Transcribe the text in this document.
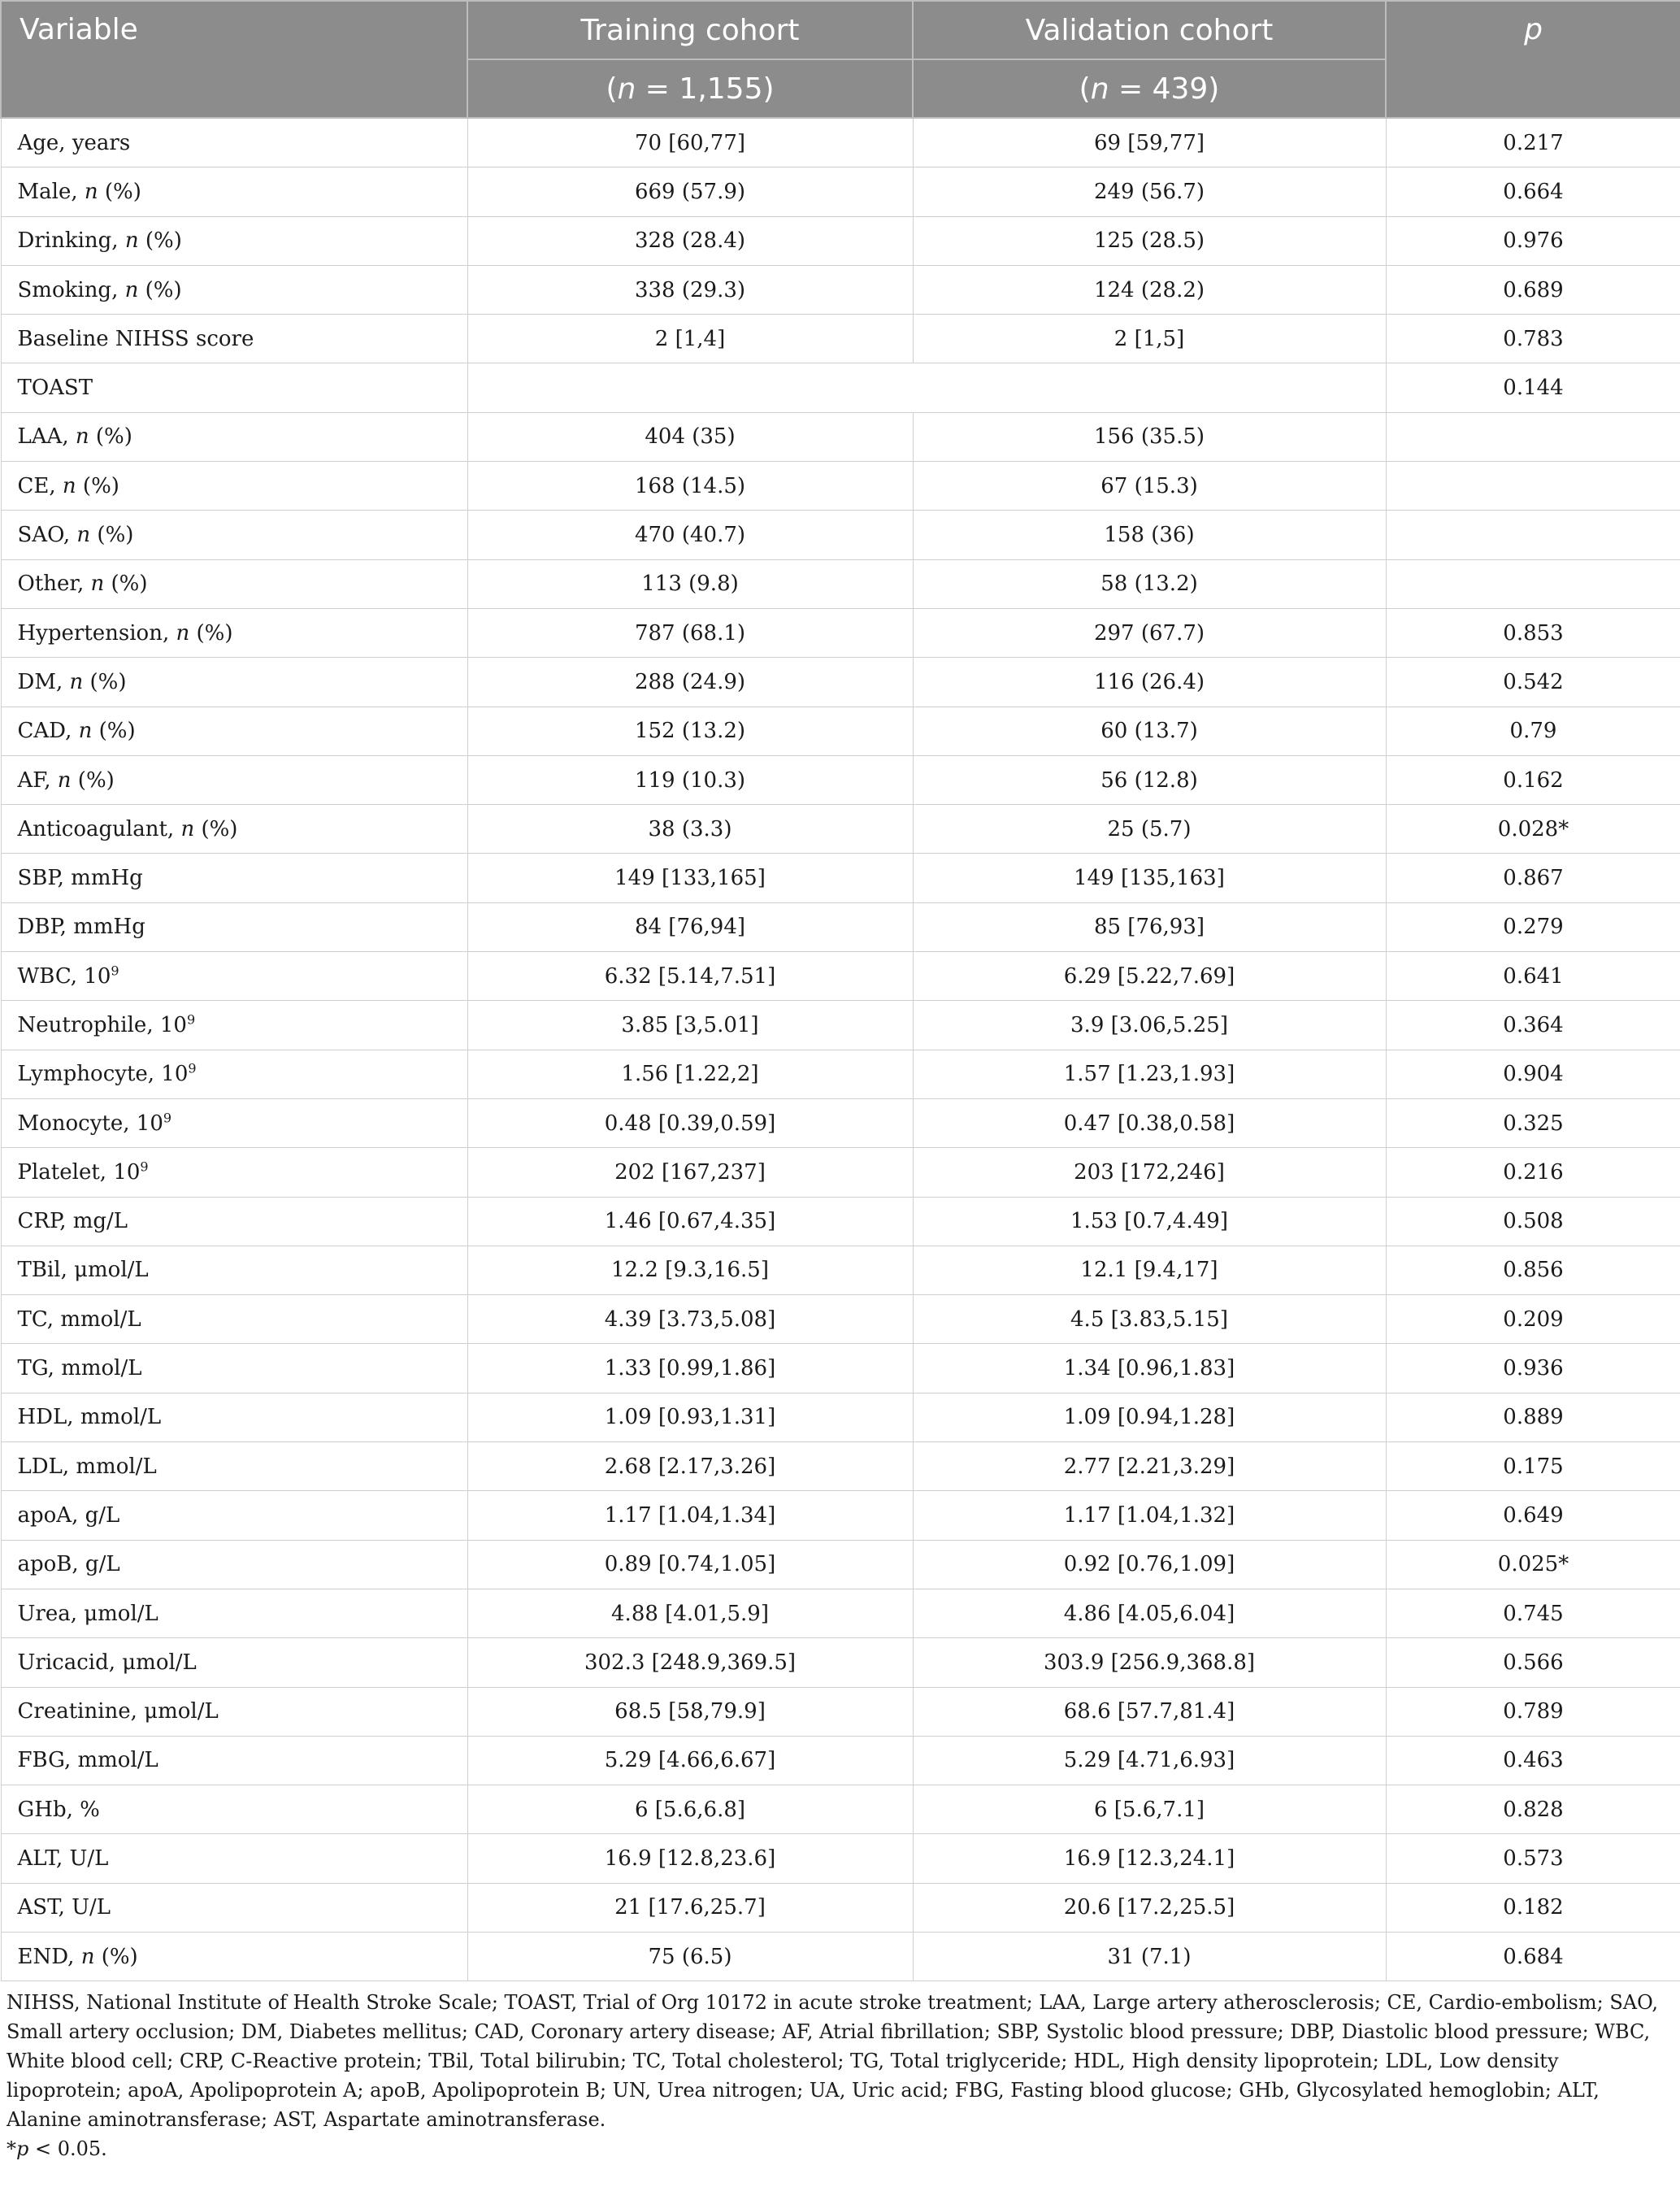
Variable	Training cohort	Validation cohort	p
	(n = 1,155)	(n = 439)	
Age, years	70 [60,77]	69 [59,77]	0.217
Male, n (%)	669 (57.9)	249 (56.7)	0.664
Drinking, n (%)	328 (28.4)	125 (28.5)	0.976
Smoking, n (%)	338 (29.3)	124 (28.2)	0.689
Baseline NIHSS score	2 [1,4]	2 [1,5]	0.783
TOAST			0.144
LAA, n (%)	404 (35)	156 (35.5)	
CE, n (%)	168 (14.5)	67 (15.3)	
SAO, n (%)	470 (40.7)	158 (36)	
Other, n (%)	113 (9.8)	58 (13.2)	
Hypertension, n (%)	787 (68.1)	297 (67.7)	0.853
DM, n (%)	288 (24.9)	116 (26.4)	0.542
CAD, n (%)	152 (13.2)	60 (13.7)	0.79
AF, n (%)	119 (10.3)	56 (12.8)	0.162
Anticoagulant, n (%)	38 (3.3)	25 (5.7)	0.028*
SBP, mmHg	149 [133,165]	149 [135,163]	0.867
DBP, mmHg	84 [76,94]	85 [76,93]	0.279
WBC, $10^9$	6.32 [5.14,7.51]	6.29 [5.22,7.69]	0.641
Neutrophile, $10^9$	3.85 [3,5.01]	3.9 [3.06,5.25]	0.364
Lymphocyte, $10^9$	1.56 [1.22,2]	1.57 [1.23,1.93]	0.904
Monocyte, $10^9$	0.48 [0.39,0.59]	0.47 [0.38,0.58]	0.325
Platelet, $10^9$	202 [167,237]	203 [172,246]	0.216
CRP, mg/L	1.46 [0.67,4.35]	1.53 [0.7,4.49]	0.508
TBil, μmol/L	12.2 [9.3,16.5]	12.1 [9.4,17]	0.856
TC, mmol/L	4.39 [3.73,5.08]	4.5 [3.83,5.15]	0.209
TG, mmol/L	1.33 [0.99,1.86]	1.34 [0.96,1.83]	0.936
HDL, mmol/L	1.09 [0.93,1.31]	1.09 [0.94,1.28]	0.889
LDL, mmol/L	2.68 [2.17,3.26]	2.77 [2.21,3.29]	0.175
apoA, g/L	1.17 [1.04,1.34]	1.17 [1.04,1.32]	0.649
apoB, g/L	0.89 [0.74,1.05]	0.92 [0.76,1.09]	0.025*
Urea, μmol/L	4.88 [4.01,5.9]	4.86 [4.05,6.04]	0.745
Uricacid, μmol/L	302.3 [248.9,369.5]	303.9 [256.9,368.8]	0.566
Creatinine, μmol/L	68.5 [58,79.9]	68.6 [57.7,81.4]	0.789
FBG, mmol/L	5.29 [4.66,6.67]	5.29 [4.71,6.93]	0.463
GHb, %	6 [5.6,6.8]	6 [5.6,7.1]	0.828
ALT, U/L	16.9 [12.8,23.6]	16.9 [12.3,24.1]	0.573
AST, U/L	21 [17.6,25.7]	20.6 [17.2,25.5]	0.182
END, n (%)	75 (6.5)	31 (7.1)	0.684

NIHSS, National Institute of Health Stroke Scale; TOAST, Trial of Org 10172 in acute stroke treatment; LAA, Large artery atherosclerosis; CE, Cardio-embolism; SAO, Small artery occlusion; DM, Diabetes mellitus; CAD, Coronary artery disease; AF, Atrial fibrillation; SBP, Systolic blood pressure; DBP, Diastolic blood pressure; WBC, White blood cell; CRP, C-Reactive protein; TBil, Total bilirubin; TC, Total cholesterol; TG, Total triglyceride; HDL, High density lipoprotein; LDL, Low density lipoprotein; apoA, Apolipoprotein A; apoB, Apolipoprotein B; UN, Urea nitrogen; UA, Uric acid; FBG, Fasting blood glucose; GHb, Glycosylated hemoglobin; ALT, Alanine aminotransferase; AST, Aspartate aminotransferase.

*p < 0.05.
